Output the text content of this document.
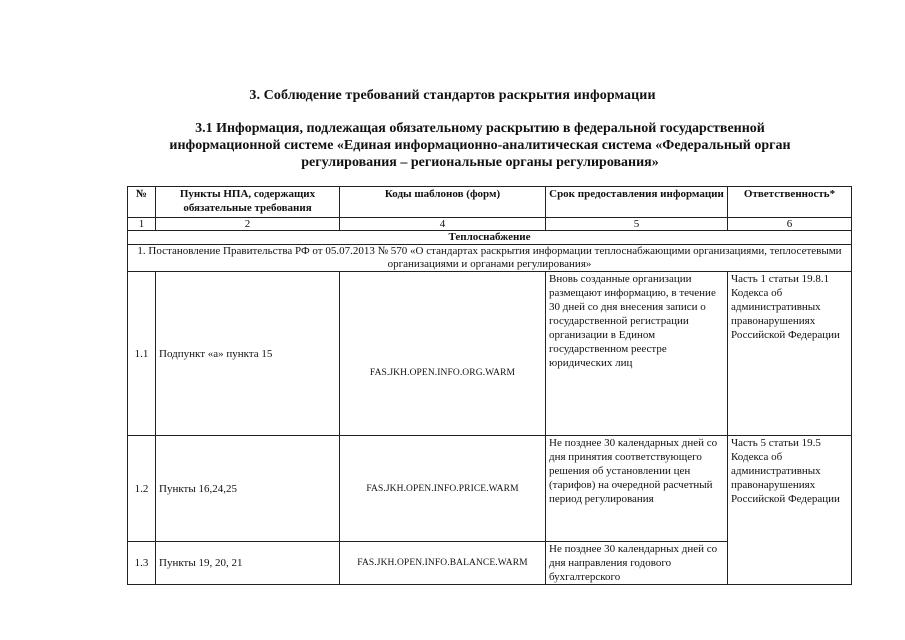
3. Соблюдение требований стандартов раскрытия информации
3.1 Информация, подлежащая обязательному раскрытию в федеральной государственной информационной системе «Единая информационно-аналитическая система «Федеральный орган регулирования – региональные органы регулирования»
№	Пункты НПА, содержащих обязательные требования	Коды шаблонов (форм)	Срок предоставления информации	Ответственность*
1	2	4	5	6
Теплоснабжение				
1. Постановление Правительства РФ от 05.07.2013 № 570 «О стандартах раскрытия информации теплоснабжающими организациями, теплосетевыми организациями и органами регулирования»				
1.1	Подпункт «а» пункта 15	FAS.JKH.OPEN.INFO.ORG.WARM	Вновь созданные организации размещают информацию, в течение 30 дней со дня внесения записи о государственной регистрации организации в Едином государственном реестре юридических лиц	Часть 1 статьи 19.8.1 Кодекса об административных правонарушениях Российской Федерации
1.2	Пункты 16,24,25	FAS.JKH.OPEN.INFO.PRICE.WARM	Не позднее 30 календарных дней со дня принятия соответствующего решения об установлении цен (тарифов) на очередной расчетный период регулирования	Часть 5 статьи 19.5 Кодекса об административных правонарушениях Российской Федерации
1.3	Пункты 19, 20, 21	FAS.JKH.OPEN.INFO.BALANCE.WARM	Не позднее 30 календарных дней со дня направления годового бухгалтерского	
